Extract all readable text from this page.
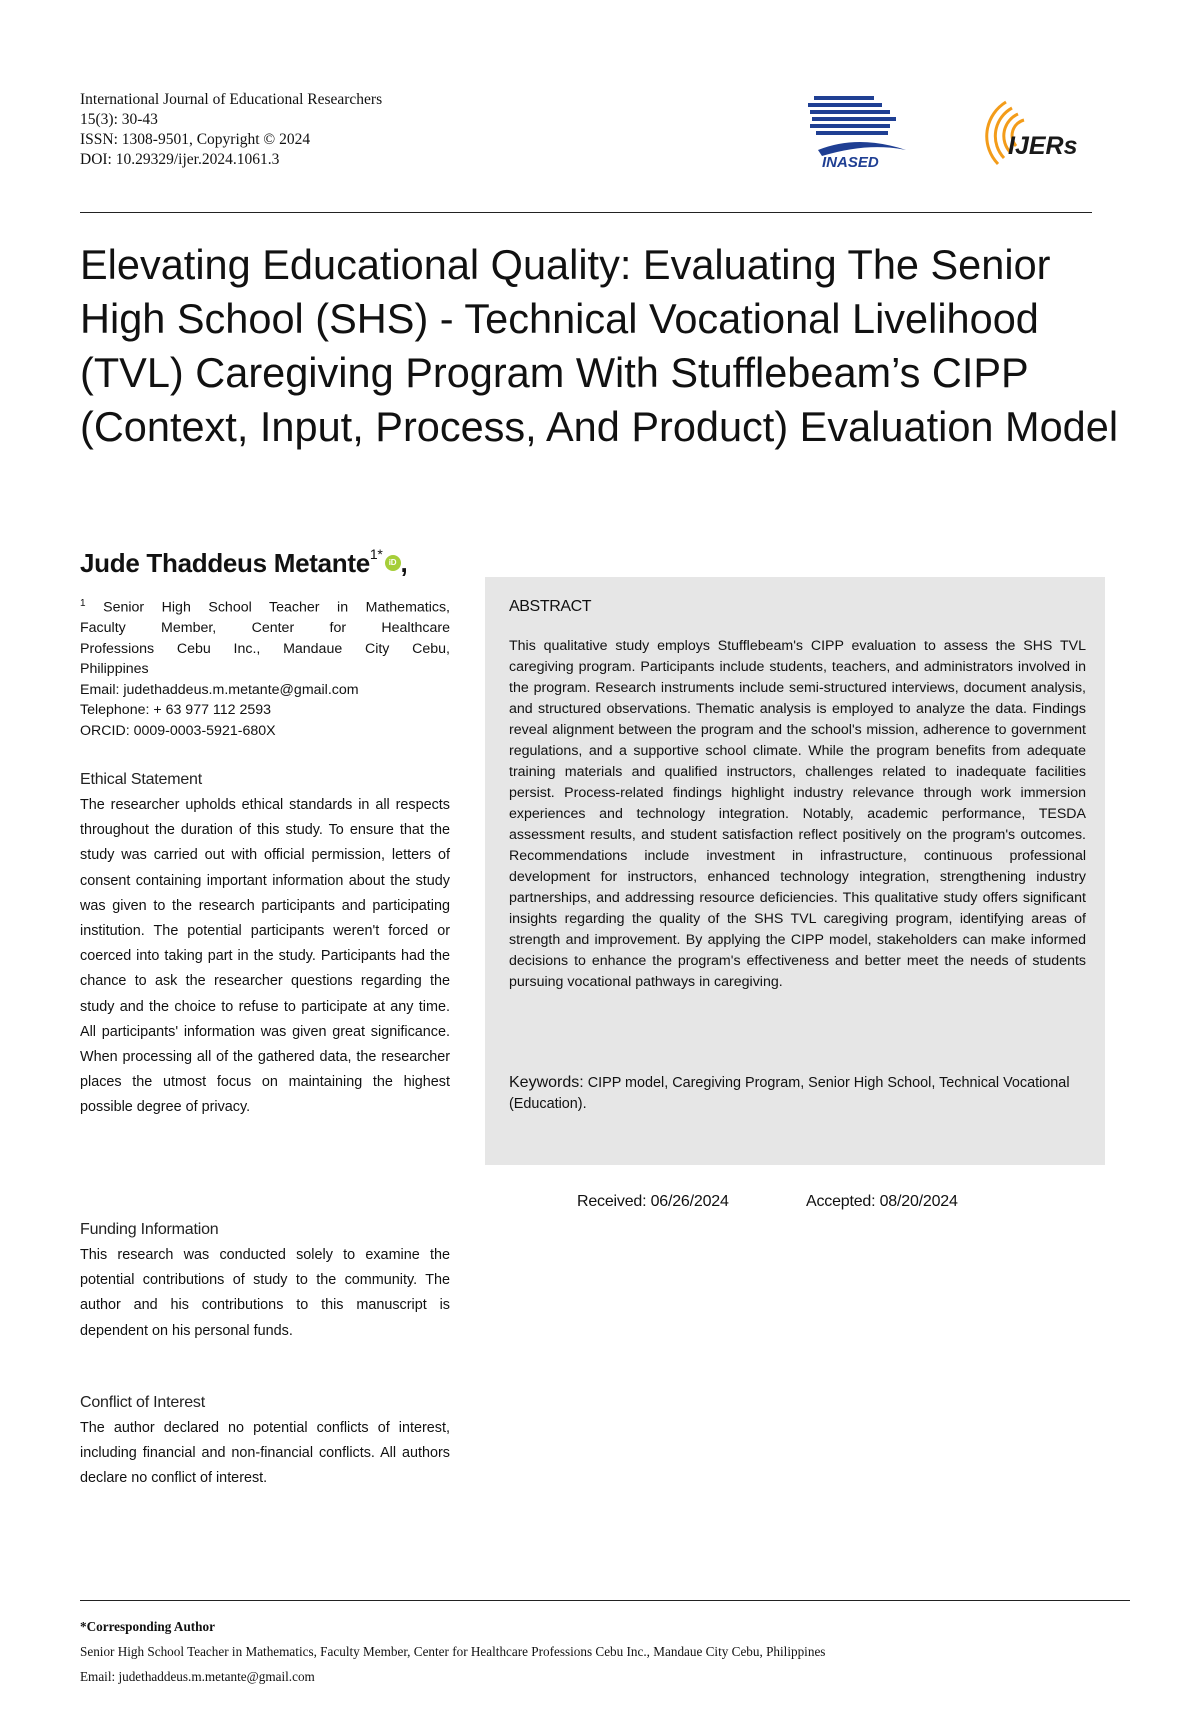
International Journal of Educational Researchers
15(3): 30-43
ISSN: 1308-9501, Copyright © 2024
DOI: 10.29329/ijer.2024.1061.3	INASED
IJERs
Elevating Educational Quality: Evaluating The Senior High School (SHS) - Technical Vocational Livelihood (TVL) Caregiving Program With Stufflebeam’s CIPP (Context, Input, Process, And Product) Evaluation Model
Jude Thaddeus Metante$^{1*}$iD ,
$^1$ Senior High School Teacher in Mathematics,
Faculty Member, Center for Healthcare
Professions Cebu Inc., Mandaue City Cebu,
Philippines
Email: judethaddeus.m.metante@gmail.com
Telephone: + 63 977 112 2593
ORCID: 0009-0003-5921-680X
Ethical Statement
The researcher upholds ethical standards in all respects throughout the duration of this study. To ensure that the study was carried out with official permission, letters of consent containing important information about the study was given to the research participants and participating institution. The potential participants weren't forced or coerced into taking part in the study. Participants had the chance to ask the researcher questions regarding the study and the choice to refuse to participate at any time. All participants' information was given great significance. When processing all of the gathered data, the researcher places the utmost focus on maintaining the highest possible degree of privacy.
Funding Information
This research was conducted solely to examine the potential contributions of study to the community. The author and his contributions to this manuscript is dependent on his personal funds.
Conflict of Interest
The author declared no potential conflicts of interest, including financial and non-financial conflicts. All authors declare no conflict of interest.
ABSTRACT
This qualitative study employs Stufflebeam's CIPP evaluation to assess the SHS TVL caregiving program. Participants include students, teachers, and administrators involved in the program. Research instruments include semi-structured interviews, document analysis, and structured observations. Thematic analysis is employed to analyze the data. Findings reveal alignment between the program and the school's mission, adherence to government regulations, and a supportive school climate. While the program benefits from adequate training materials and qualified instructors, challenges related to inadequate facilities persist. Process-related findings highlight industry relevance through work immersion experiences and technology integration. Notably, academic performance, TESDA assessment results, and student satisfaction reflect positively on the program's outcomes. Recommendations include investment in infrastructure, continuous professional development for instructors, enhanced technology integration, strengthening industry partnerships, and addressing resource deficiencies. This qualitative study offers significant insights regarding the quality of the SHS TVL caregiving program, identifying areas of strength and improvement. By applying the CIPP model, stakeholders can make informed decisions to enhance the program's effectiveness and better meet the needs of students pursuing vocational pathways in caregiving.
Keywords: CIPP model, Caregiving Program, Senior High School, Technical Vocational (Education).
Received: 06/26/2024	Accepted: 08/20/2024
*Corresponding Author
Senior High School Teacher in Mathematics, Faculty Member, Center for Healthcare Professions Cebu Inc., Mandaue City Cebu, Philippines
Email: judethaddeus.m.metante@gmail.com
